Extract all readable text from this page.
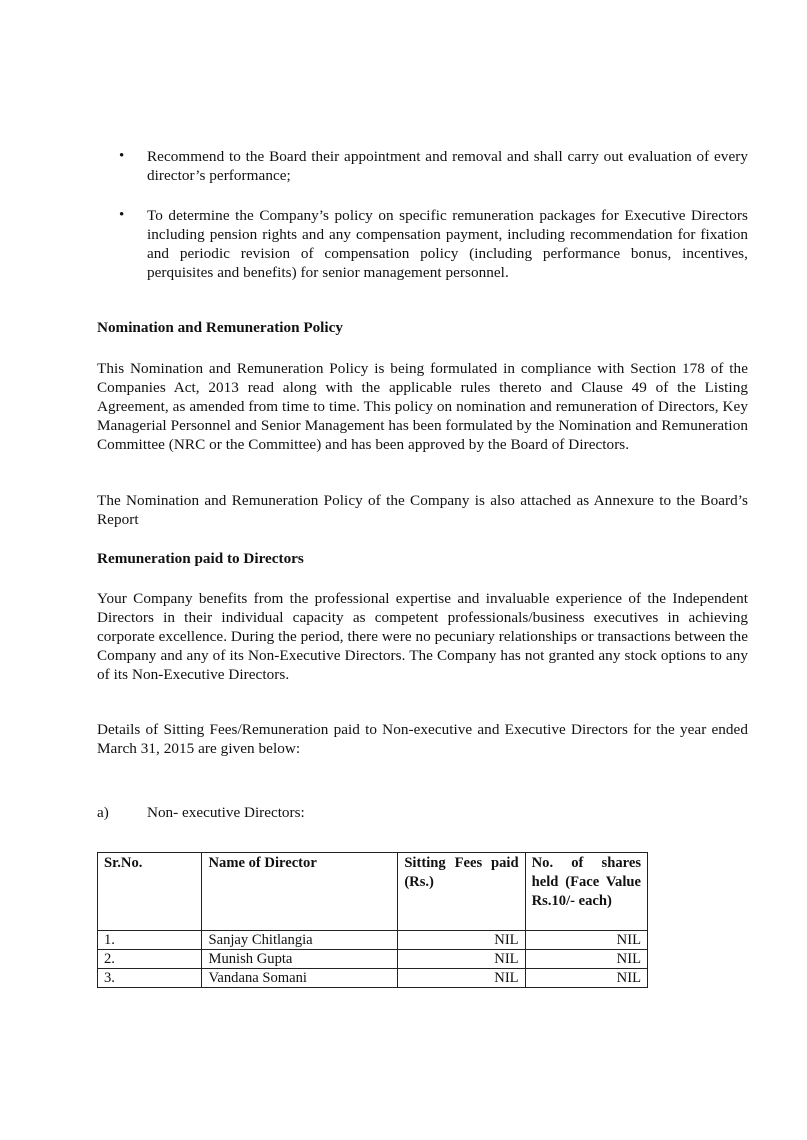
• Recommend to the Board their appointment and removal and shall carry out evaluation of every director’s performance;

• To determine the Company’s policy on specific remuneration packages for Executive Directors including pension rights and any compensation payment, including recommendation for fixation and periodic revision of compensation policy (including performance bonus, incentives, perquisites and benefits) for senior management personnel.

Nomination and Remuneration Policy

This Nomination and Remuneration Policy is being formulated in compliance with Section 178 of the Companies Act, 2013 read along with the applicable rules thereto and Clause 49 of the Listing Agreement, as amended from time to time. This policy on nomination and remuneration of Directors, Key Managerial Personnel and Senior Management has been formulated by the Nomination and Remuneration Committee (NRC or the Committee) and has been approved by the Board of Directors.

The Nomination and Remuneration Policy of the Company is also attached as Annexure to the Board’s Report

Remuneration paid to Directors

Your Company benefits from the professional expertise and invaluable experience of the Independent Directors in their individual capacity as competent professionals/business executives in achieving corporate excellence. During the period, there were no pecuniary relationships or transactions between the Company and any of its Non-Executive Directors. The Company has not granted any stock options to any of its Non-Executive Directors.

Details of Sitting Fees/Remuneration paid to Non-executive and Executive Directors for the year ended March 31, 2015 are given below:

a)	Non- executive Directors:
Sr.No.	Name of Director	Sitting Fees paid (Rs.)	No. of shares held (Face Value Rs.10/- each)
1.	Sanjay Chitlangia	NIL	NIL
2.	Munish Gupta	NIL	NIL
3.	Vandana Somani	NIL	NIL
